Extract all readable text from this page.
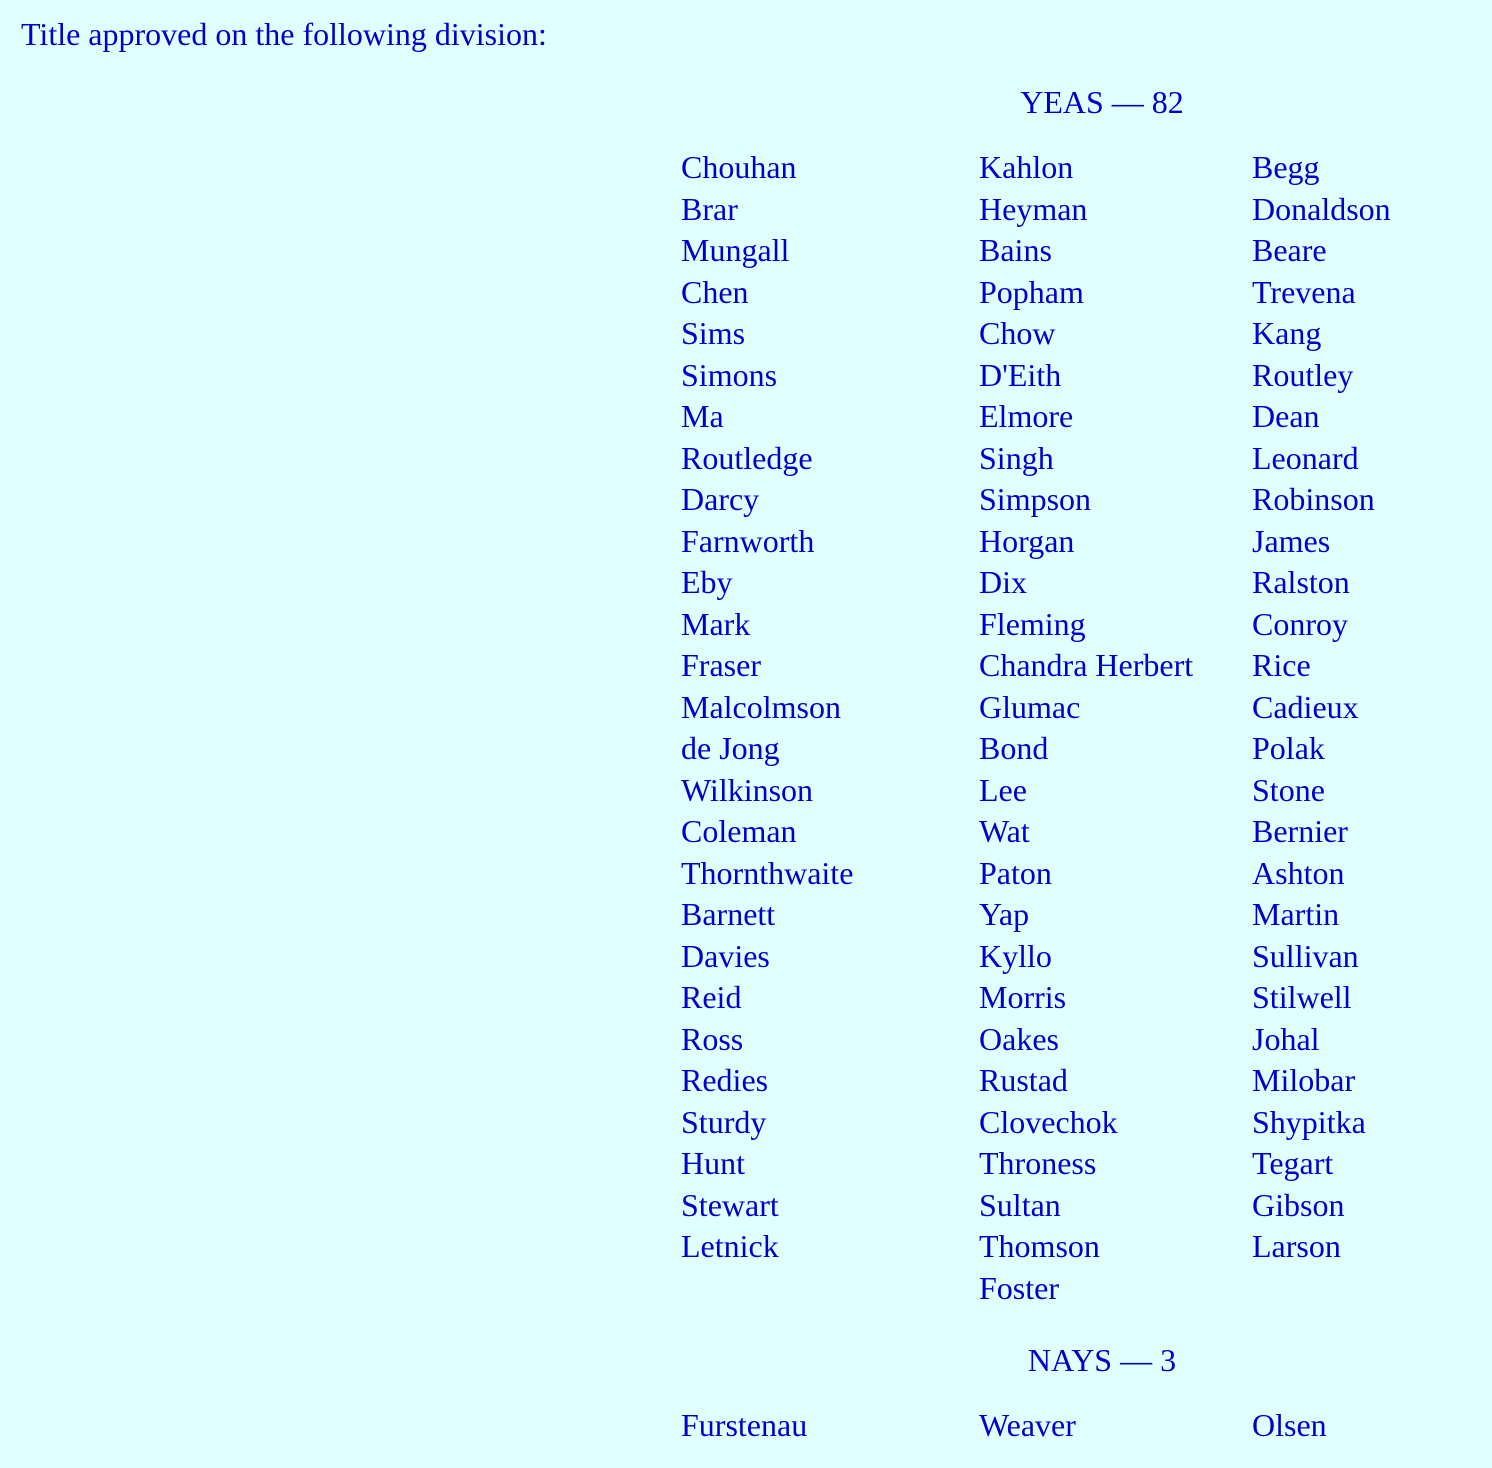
Title approved on the following division:
YEAS — 82
Chouhan
Brar
Mungall
Chen
Sims
Simons
Ma
Routledge
Darcy
Farnworth
Eby
Mark
Fraser
Malcolmson
de Jong
Wilkinson
Coleman
Thornthwaite
Barnett
Davies
Reid
Ross
Redies
Sturdy
Hunt
Stewart
Letnick
Kahlon
Heyman
Bains
Popham
Chow
D'Eith
Elmore
Singh
Simpson
Horgan
Dix
Fleming
Chandra Herbert
Glumac
Bond
Lee
Wat
Paton
Yap
Kyllo
Morris
Oakes
Rustad
Clovechok
Throness
Sultan
Thomson
Foster
Begg
Donaldson
Beare
Trevena
Kang
Routley
Dean
Leonard
Robinson
James
Ralston
Conroy
Rice
Cadieux
Polak
Stone
Bernier
Ashton
Martin
Sullivan
Stilwell
Johal
Milobar
Shypitka
Tegart
Gibson
Larson
NAYS — 3
Furstenau	Weaver	Olsen
